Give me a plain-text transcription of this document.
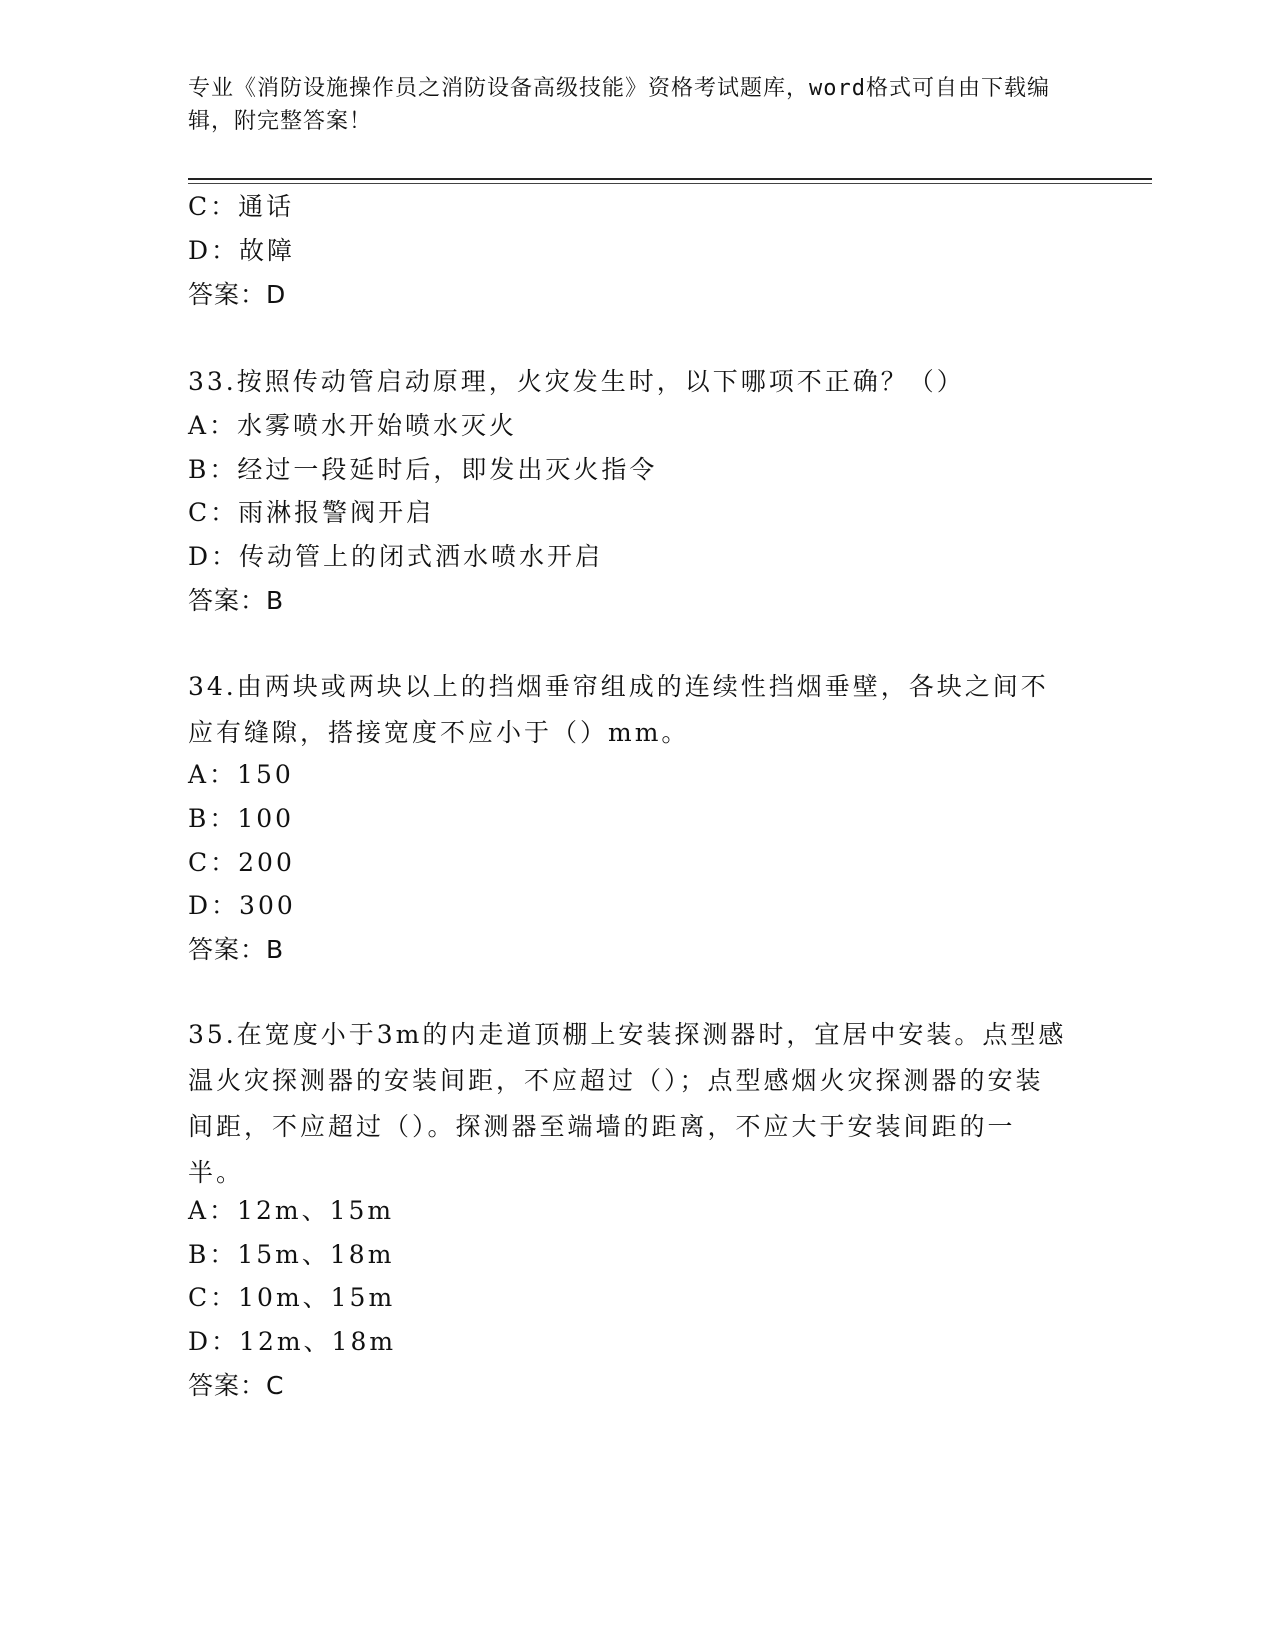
专业《消防设施操作员之消防设备高级技能》资格考试题库，word格式可自由下载编辑，附完整答案！
C：通话
D：故障
答案：D
33.按照传动管启动原理，火灾发生时，以下哪项不正确？（）
A：水雾喷水开始喷水灭火
B：经过一段延时后，即发出灭火指令
C：雨淋报警阀开启
D：传动管上的闭式洒水喷水开启
答案：B
34.由两块或两块以上的挡烟垂帘组成的连续性挡烟垂壁，各块之间不应有缝隙，搭接宽度不应小于（）mm。
A：150
B：100
C：200
D：300
答案：B
35.在宽度小于3m的内走道顶棚上安装探测器时，宜居中安装。点型感温火灾探测器的安装间距，不应超过（）；点型感烟火灾探测器的安装间距，不应超过（）。探测器至端墙的距离，不应大于安装间距的一半。
A：12m、15m
B：15m、18m
C：10m、15m
D：12m、18m
答案：C
